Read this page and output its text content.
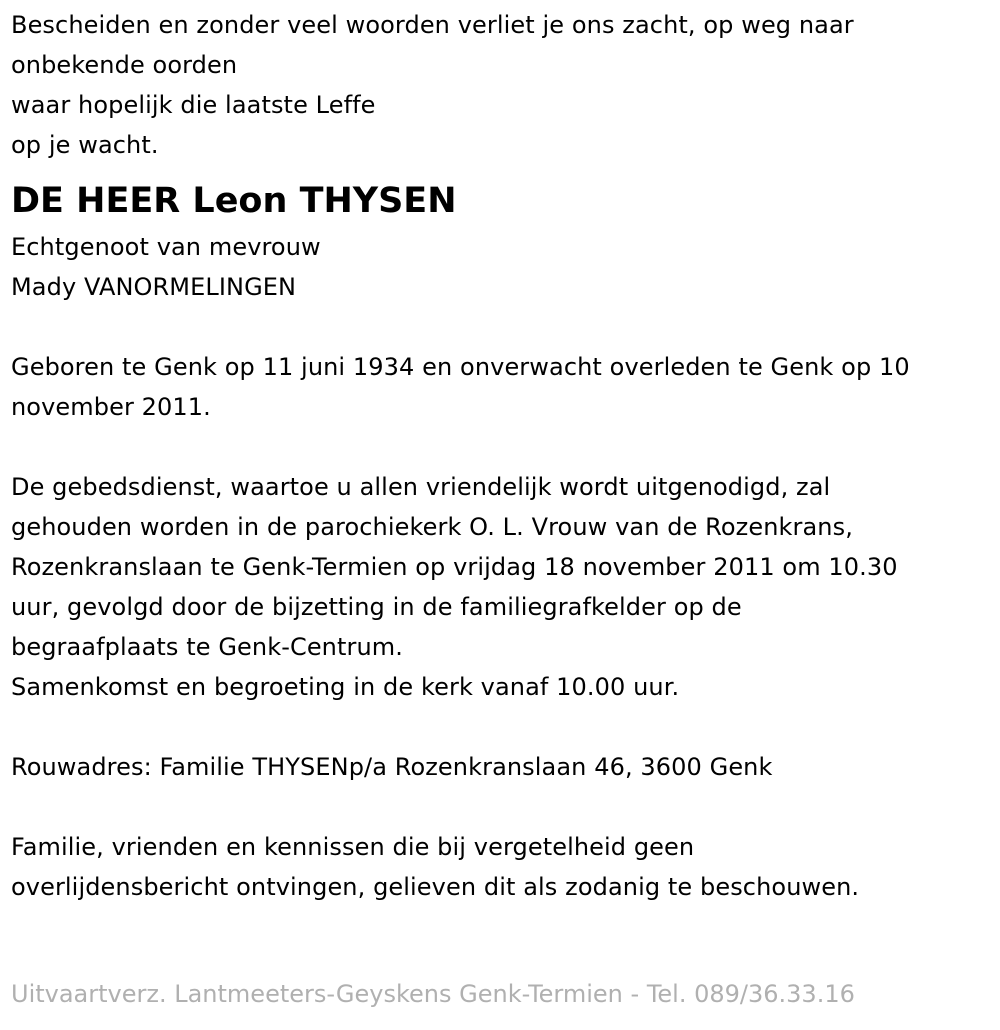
Bescheiden en zonder veel woorden verliet je ons zacht, op weg naar
onbekende oorden
waar hopelijk die laatste Leffe
op je wacht.
DE HEER Leon THYSEN
Echtgenoot van mevrouw
Mady VANORMELINGEN
Geboren te Genk op 11 juni 1934 en onverwacht overleden te Genk op 10
november 2011.
De gebedsdienst, waartoe u allen vriendelijk wordt uitgenodigd, zal
gehouden worden in de parochiekerk O. L. Vrouw van de Rozenkrans,
Rozenkranslaan te Genk-Termien op vrijdag 18 november 2011 om 10.30
uur, gevolgd door de bijzetting in de familiegrafkelder op de
begraafplaats te Genk-Centrum.
Samenkomst en begroeting in de kerk vanaf 10.00 uur.
Rouwadres: Familie THYSENp/a Rozenkranslaan 46, 3600 Genk
Familie, vrienden en kennissen die bij vergetelheid geen
overlijdensbericht ontvingen, gelieven dit als zodanig te beschouwen.
Uitvaartverz. Lantmeeters-Geyskens Genk-Termien - Tel. 089/36.33.16
